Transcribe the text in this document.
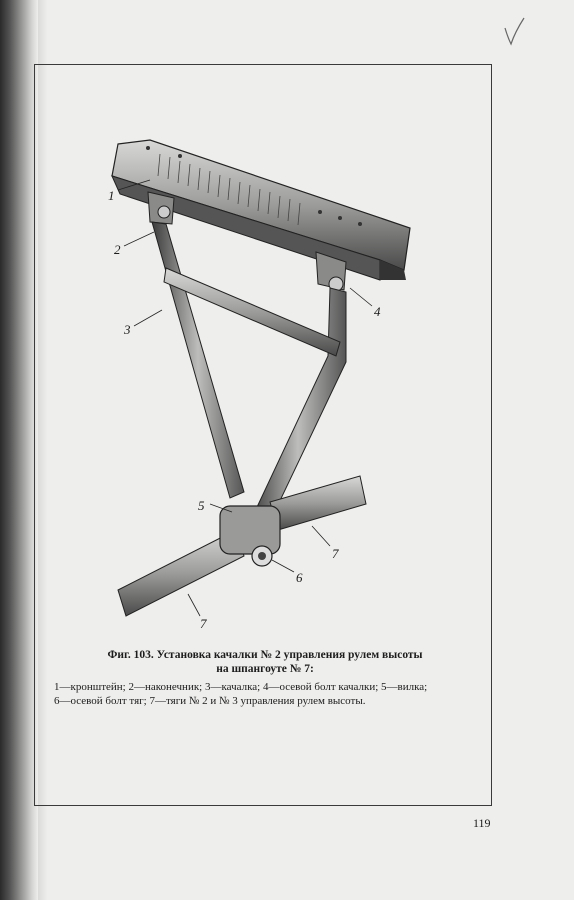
1
2
3
4
5
6
7
7
Фиг. 103. Установка качалки № 2 управления рулем высоты
на шпангоуте № 7:
1—кронштейн; 2—наконечник; 3—качалка; 4—осевой болт качалки; 5—вилка;
6—осевой болт тяг; 7—тяги № 2 и № 3 управления рулем высоты.
119
